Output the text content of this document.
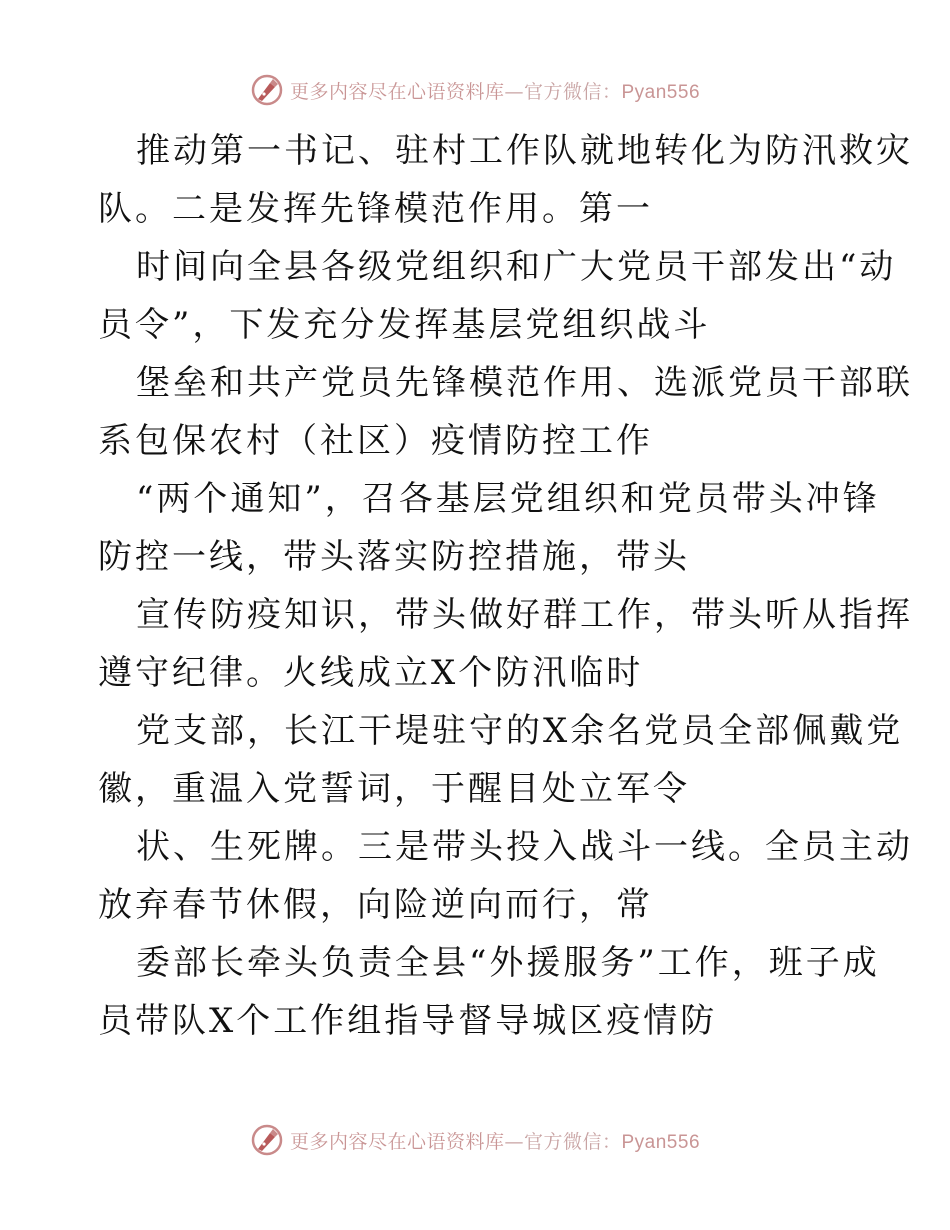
更多内容尽在心语资料库—官方微信：Pyan556
推动第一书记、驻村工作队就地转化为防汛救灾
队。二是发挥先锋模范作用。第一
时间向全县各级党组织和广大党员干部发出“动
员令”，下发充分发挥基层党组织战斗
堡垒和共产党员先锋模范作用、选派党员干部联
系包保农村（社区）疫情防控工作
“两个通知”，召各基层党组织和党员带头冲锋
防控一线，带头落实防控措施，带头
宣传防疫知识，带头做好群工作，带头听从指挥
遵守纪律。火线成立X个防汛临时
党支部，长江干堤驻守的X余名党员全部佩戴党
徽，重温入党誓词，于醒目处立军令
状、生死牌。三是带头投入战斗一线。全员主动
放弃春节休假，向险逆向而行，常
委部长牵头负责全县“外援服务”工作，班子成
员带队X个工作组指导督导城区疫情防
更多内容尽在心语资料库—官方微信：Pyan556
